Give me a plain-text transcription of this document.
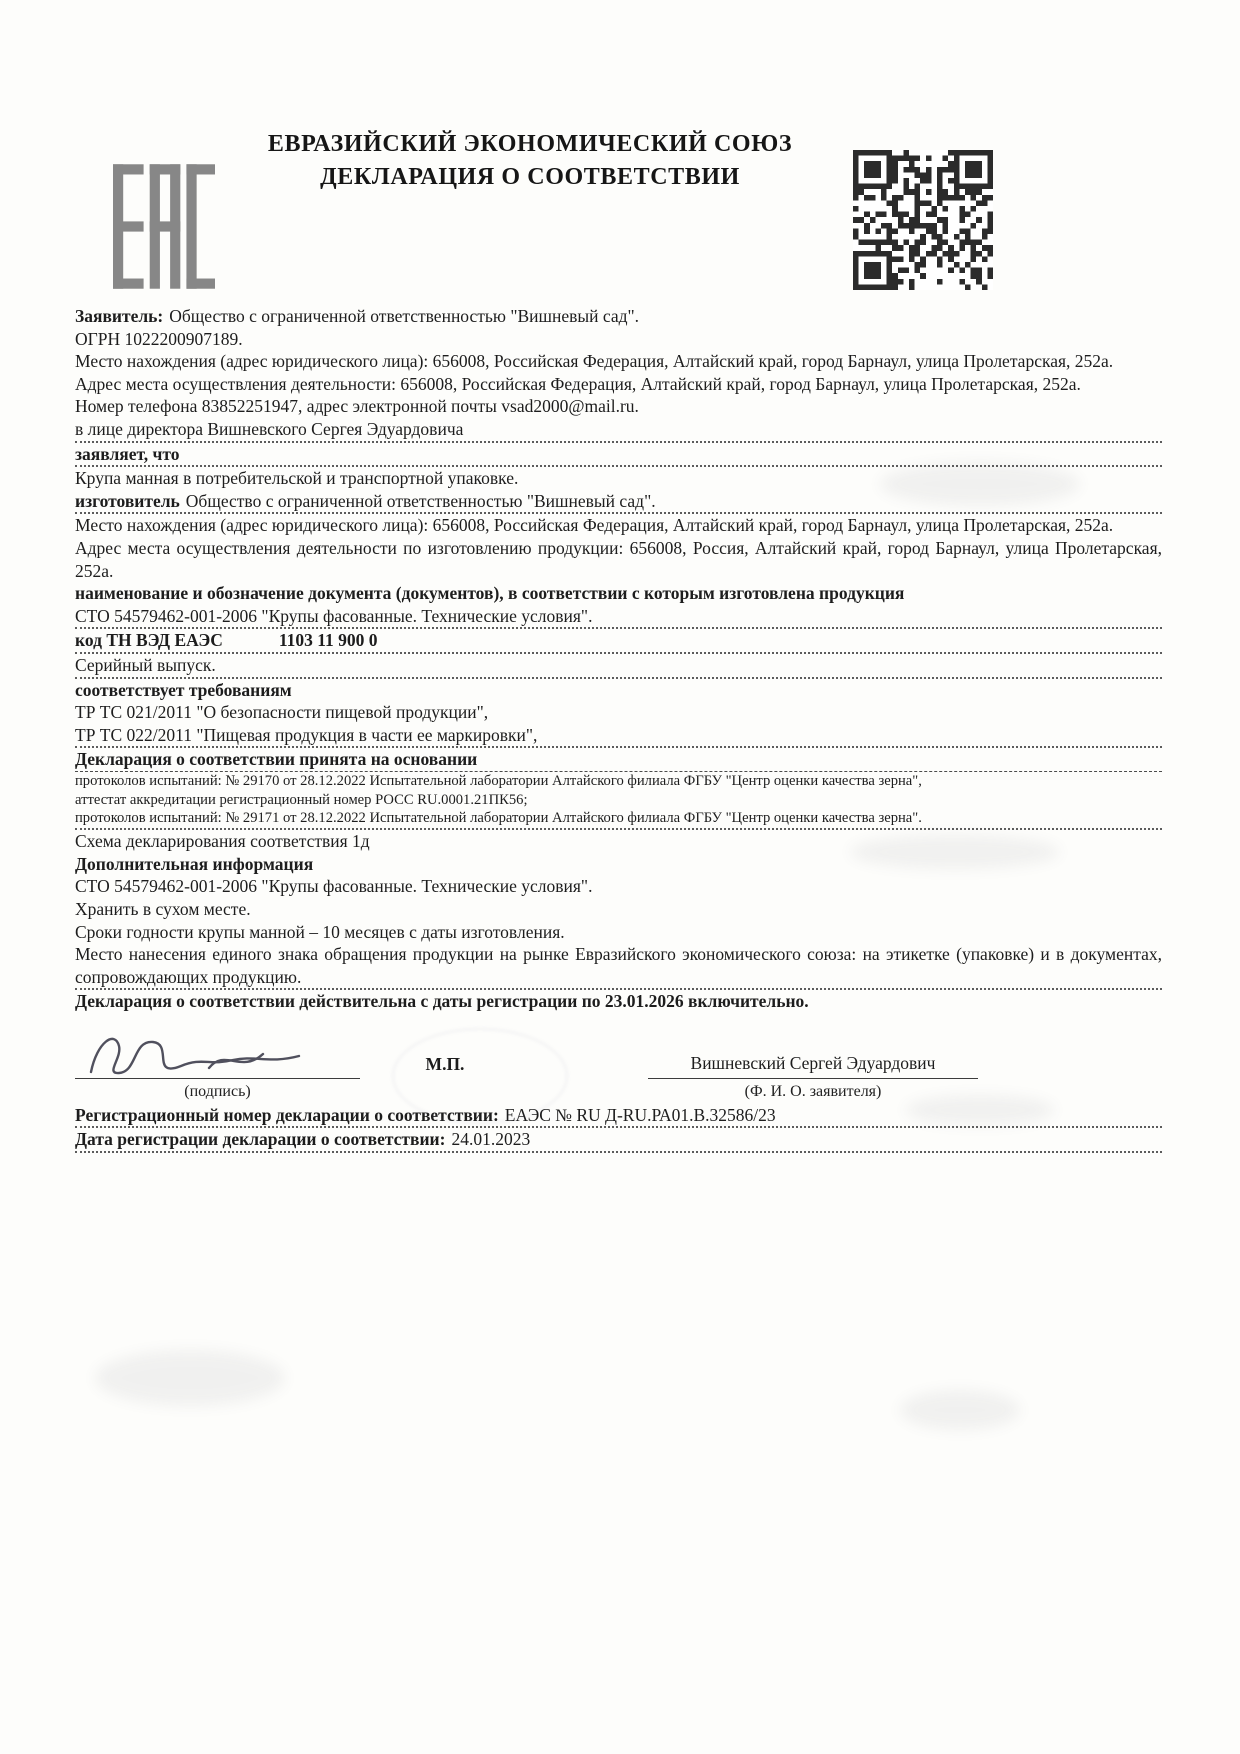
ЕВРАЗИЙСКИЙ ЭКОНОМИЧЕСКИЙ СОЮЗ
ДЕКЛАРАЦИЯ О СООТВЕТСТВИИ

Заявитель: Общество с ограниченной ответственностью "Вишневый сад".

ОГРН 1022200907189.

Место нахождения (адрес юридического лица): 656008, Российская Федерация, Алтайский край, город Барнаул, улица Пролетарская, 252а.

Адрес места осуществления деятельности: 656008, Российская Федерация, Алтайский край, город Барнаул, улица Пролетарская, 252а.

Номер телефона 83852251947, адрес электронной почты vsad2000@mail.ru.

в лице директора Вишневского Сергея Эдуардовича

заявляет, что

Крупа манная в потребительской и транспортной упаковке.

изготовитель Общество с ограниченной ответственностью "Вишневый сад".

Место нахождения (адрес юридического лица): 656008, Российская Федерация, Алтайский край, город Барнаул, улица Пролетарская, 252а.

Адрес места осуществления деятельности по изготовлению продукции: 656008, Россия, Алтайский край, город Барнаул, улица Пролетарская, 252а.

наименование и обозначение документа (документов), в соответствии с которым изготовлена продукция

СТО 54579462-001-2006 "Крупы фасованные. Технические условия".

код ТН ВЭД ЕАЭС	1103 11 900 0

Серийный выпуск.

соответствует требованиям

ТР ТС 021/2011 "О безопасности пищевой продукции",

ТР ТС 022/2011 "Пищевая продукция в части ее маркировки",

Декларация о соответствии принята на основании

протоколов испытаний: № 29170 от 28.12.2022 Испытательной лаборатории Алтайского филиала ФГБУ "Центр оценки качества зерна",

аттестат аккредитации регистрационный номер РОСС RU.0001.21ПК56;

протоколов испытаний: № 29171 от 28.12.2022 Испытательной лаборатории Алтайского филиала ФГБУ "Центр оценки качества зерна".

Схема декларирования соответствия 1д

Дополнительная информация

СТО 54579462-001-2006 "Крупы фасованные. Технические условия".

Хранить в сухом месте.

Сроки годности крупы манной – 10 месяцев с даты изготовления.

Место нанесения единого знака обращения продукции на рынке Евразийского экономического союза: на этикетке (упаковке) и в документах, сопровождающих продукцию.

Декларация о соответствии действительна с даты регистрации по 23.01.2026 включительно.

М.П.	Вишневский Сергей Эдуардович
(подпись)	(Ф. И. О. заявителя)

Регистрационный номер декларации о соответствии: ЕАЭС № RU Д-RU.РА01.В.32586/23

Дата регистрации декларации о соответствии: 24.01.2023
